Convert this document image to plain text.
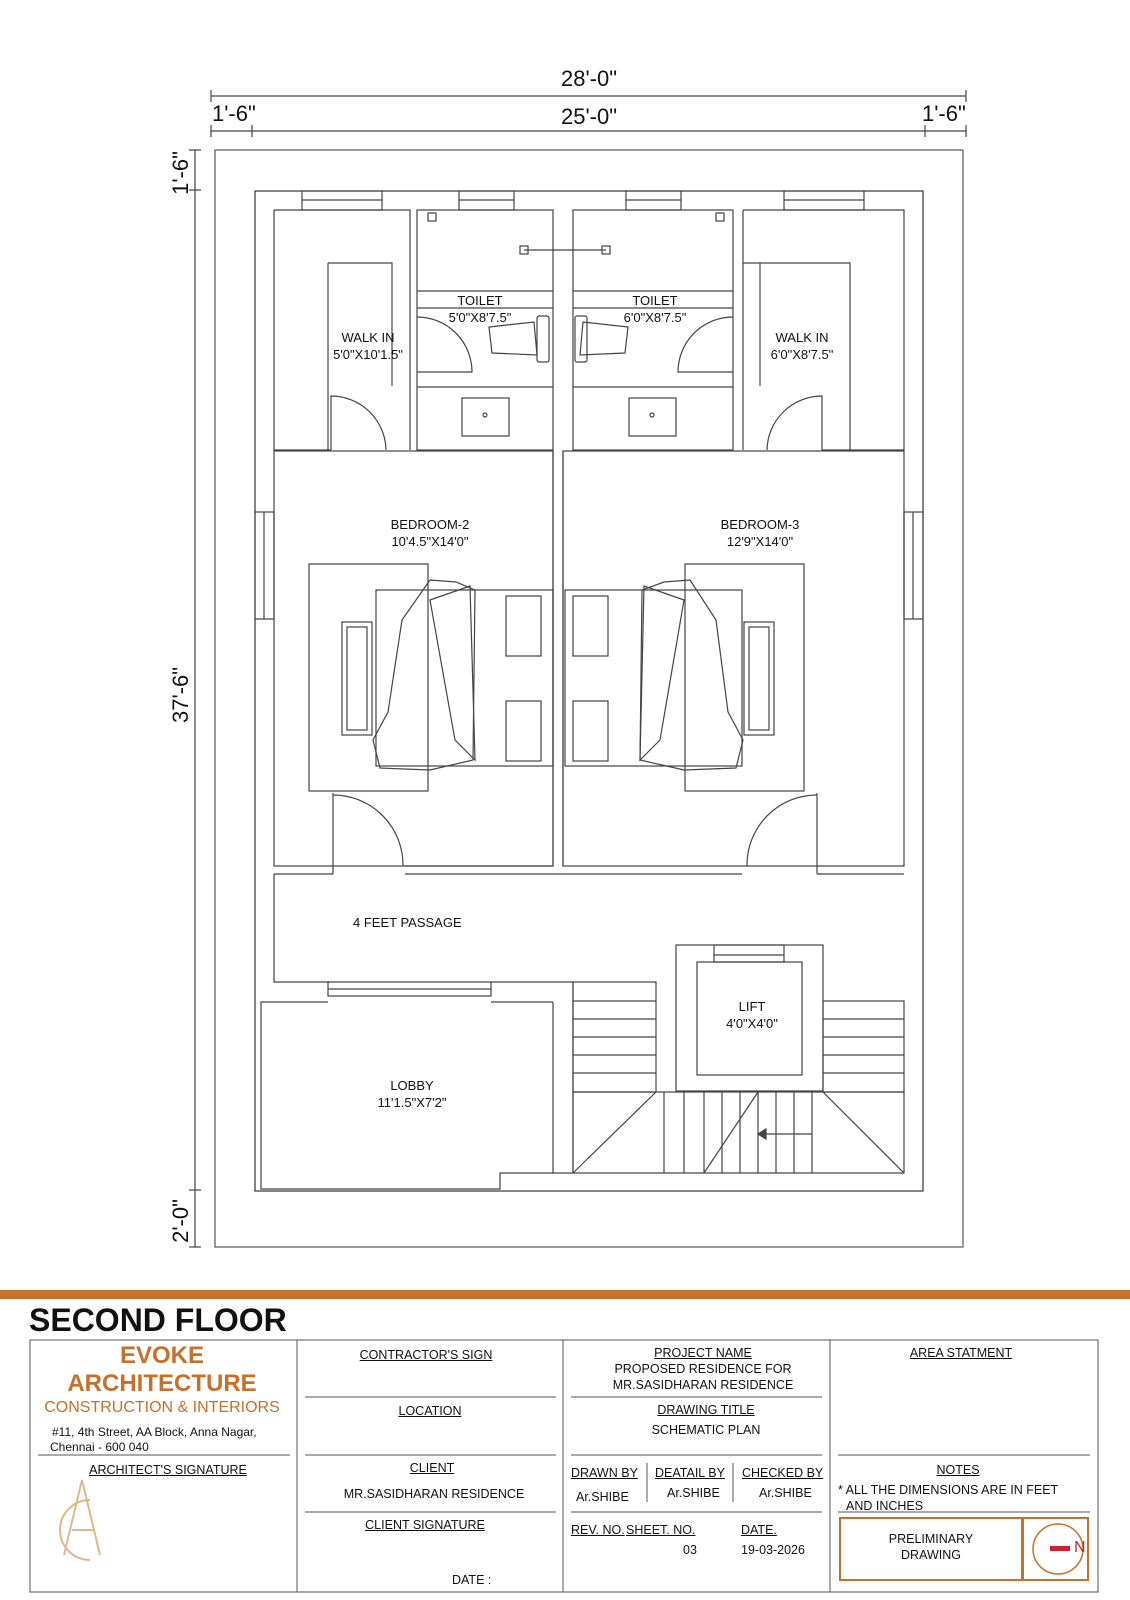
28'-0"
25'-0"
1'-6"	1'-6"
1'-6"
37'-6"
2'-0"
TOILET
5'0"X8'7.5"
TOILET
6'0"X8'7.5"
WALK IN
5'0"X10'1.5"
WALK IN
6'0"X8'7.5"
BEDROOM-2
10'4.5"X14'0"
BEDROOM-3
12'9"X14'0"
4 FEET PASSAGE
LIFT
4'0"X4'0"
LOBBY
11'1.5"X7'2"
SECOND FLOOR
EVOKE
ARCHITECTURE
CONSTRUCTION & INTERIORS
#11, 4th Street, AA Block, Anna Nagar,
Chennai - 600 040
ARCHITECT'S SIGNATURE
CONTRACTOR'S SIGN
LOCATION
CLIENT
MR.SASIDHARAN RESIDENCE
CLIENT SIGNATURE
DATE :
PROJECT NAME
PROPOSED RESIDENCE FOR
MR.SASIDHARAN RESIDENCE
DRAWING TITLE
SCHEMATIC PLAN
DRAWN BY
Ar.SHIBE
DEATAIL BY
Ar.SHIBE
CHECKED BY
Ar.SHIBE
REV. NO. SHEET. NO.
03
DATE.
19-03-2026
AREA STATMENT
NOTES
* ALL THE DIMENSIONS ARE IN FEET
AND INCHES
PRELIMINARY
DRAWING	N
